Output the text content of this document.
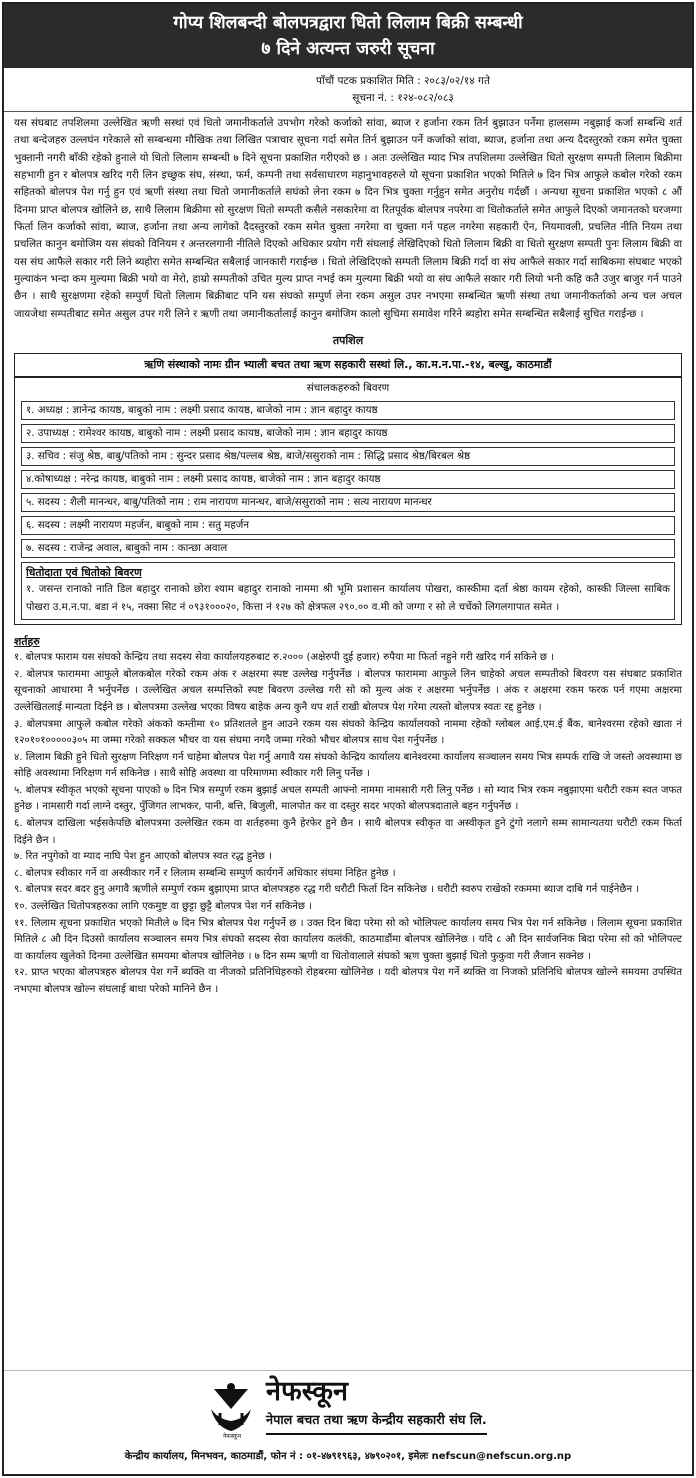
गोप्य शिलबन्दी बोलपत्रद्वारा धितो लिलाम बिक्री सम्बन्धी
७ दिने अत्यन्त जरुरी सूचना
पाँचौं पटक प्रकाशित मिति : २०८३/०२/१४ गते
सूचना नं. : १२४-०८२/०८३

यस संघबाट तपशिलमा उल्लेखित ऋणी सस्थां एवं धितो जमानीकर्ताले उपभोग गरेको कर्जाको सांवा, ब्याज र हर्जाना रकम तिर्न बुझाउन पर्नेमा हालसम्म नबुझाई कर्जा सम्बन्धि शर्त तथा बन्देजहरु उल्लघंन गरेकाले सो सम्बन्धमा मौखिक तथा लिखित पत्राचार सूचना गर्दा समेत तिर्न बुझाउन पर्ने कर्जाको सांवा, ब्याज, हर्जाना तथा अन्य दैदस्तुरको रकम समेत चुक्ता भुक्तानी नगरी बाँकी रहेको हुनाले यो धितो लिलाम सम्बन्धी ७ दिने सूचना प्रकाशित गरीएको छ । अतः उल्लेखित म्याद भित्र तपशिलमा उल्लेखित धितो सुरक्षण सम्पती लिलाम बिक्रीमा सहभागी हुन र बोलपत्र खरिद गरी लिन इच्छुक संघ, संस्था, फर्म, कम्पनी तथा सर्वसाधारण महानुभावहरुले यो सूचना प्रकाशित भएको मितिले ७ दिन भित्र आफुले कबोल गरेको रकम सहितको बोलपत्र पेश गर्नु हुन एवं ऋणी संस्था तथा धितो जमानीकर्ताले सघंको लेना रकम ७ दिन भित्र चुक्ता गर्नुहुन समेत अनुरोध गर्दछौं । अन्यथा सूचना प्रकाशित भएको ८ औं दिनमा प्राप्त बोलपत्र खोलिने छ, साथै लिलाम बिक्रीमा सो सुरक्षण धितो सम्पती कसैले नसकारेमा वा रितपूर्वक बोलपत्र नपरेमा वा धितोकर्ताले समेत आफुले दिएको जमानतको घरजग्गा फिर्ता लिन कर्जाको सांवा, ब्याज, हर्जाना तथा अन्य लागेको दैदस्तुरको रकम समेत चुक्ता नगरेमा वा चुक्ता गर्न पहल नगरेमा सहकारी ऐन, नियमावली, प्रचलित नीति नियम तथा प्रचलित कानुन बमोजिम यस संघको विनियम र अन्तरलगानी नीतिले दिएको अधिकार प्रयोग गरी संघलाई लेखिदिएको धितो लिलाम बिक्री वा धितो सुरक्षण सम्पती पुनः लिलाम बिक्री वा यस संघ आफैले सकार गरी लिने ब्यहोरा समेत सम्बन्धित सबैलाई जानकारी गराईन्छ । धितो लेखिदिएको सम्पती लिलाम बिक्री गर्दा वा संघ आफैले सकार गर्दा साबिकमा संघबाट भएको मुल्याकंन भन्दा कम मुल्यमा बिक्री भयो वा मेरो, हाम्रो सम्पतीको उचित मुल्य प्राप्त नभई कम मुल्यमा बिक्री भयो वा संघ आफैले सकार गरी लियो भनी कहि कतै उजुर बाजुर गर्न पाउने छैन । साथै सुरक्षणमा रहेको सम्पुर्ण धितो लिलाम बिक्रीबाट पनि यस संघको सम्पुर्ण लेना रकम असुल उपर नभएमा सम्बन्धित ऋणी संस्था तथा जमानीकर्ताको अन्य चल अचल जायजेथा सम्पतीबाट समेत असुल उपर गरी लिने र ऋणी तथा जमानीकर्तालाई कानुन बमोजिम कालो सुचिमा समावेश गरिने ब्यहोरा समेत सम्बन्धित सबैलाई सुचित गराईन्छ ।

तपशिल
ऋणि संस्थाको नामः ग्रीन भ्याली बचत तथा ऋण सहकारी सस्थां लि., का.म.न.पा.-१४, बल्खु, काठमाडौं
संचालकहरुको बिवरण
१. अध्यक्ष : ज्ञानेन्द्र कायष्ठ, बाबुको नाम : लक्ष्मी प्रसाद कायष्ठ, बाजेको नाम : ज्ञान बहादुर कायष्ठ
२. उपाध्यक्ष : रामेश्वर कायष्ठ, बाबुको नाम : लक्ष्मी प्रसाद कायष्ठ, बाजेको नाम : ज्ञान बहादुर कायष्ठ
३. सचिव : संजु श्रेष्ठ, बाबु/पतिको नाम : सुन्दर प्रसाद श्रेष्ठ/पल्लब श्रेष्ठ, बाजे/ससुराको नाम : सिद्धि प्रसाद श्रेष्ठ/बिरबल श्रेष्ठ
४.कोषाध्यक्ष : नरेन्द्र कायष्ठ, बाबुको नाम : लक्ष्मी प्रसाद कायष्ठ, बाजेको नाम : ज्ञान बहादुर कायष्ठ
५. सदस्य : शैली मानन्धर, बाबु/पतिको नाम : राम नारायण मानन्धर, बाजे/ससुराको नाम : सत्य नारायण मानन्धर
६. सदस्य : लक्ष्मी नारायण महर्जन, बाबुको नाम : सतु महर्जन
७. सदस्य : राजेन्द्र अवाल, बाबुको नाम : कान्छा अवाल
धितोदाता एवं धितोको बिवरण
१. जसन्त रानाको नाति डिल बहादुर रानाको छोरा श्याम बहादुर रानाको नाममा श्री भूमि प्रशासन कार्यालय पोखरा, कास्कीमा दर्ता श्रेष्ठा कायम रहेको, कास्की जिल्ला साबिक पोखरा उ.म.न.पा. बडा नं १५, नक्सा सिट नं ०९३१०००२०, कित्ता नं १२७ को क्षेत्रफल २९०.०० व.मी को जग्गा र सो ले चर्चेको लिगलगापात समेत ।
शर्तहरु

१. बोलपत्र फाराम यस संघको केन्द्रिय तथा सदस्य सेवा कार्यालयहरुबाट रु.२००० (अक्षेरुपी दुई हजार) रुपैया मा फिर्ता नहुने गरी खरिद गर्न सकिने छ ।

२. बोलपत्र फाराममा आफुले बोलकबोल गरेको रकम अंक र अक्षरमा स्पष्ट उल्लेख गर्नुपर्नेछ । बोलपत्र फाराममा आफुले लिन चाहेको अचल सम्पतीको बिवरण यस संघबाट प्रकाशित सूचनाको आधारमा नै भर्नुपर्नेछ । उल्लेखित अचल सम्पत्तिको स्पष्ट बिवरण उल्लेख गरी सो को मुल्य अंक र अक्षरमा भर्नुपर्नेछ । अंक र अक्षरमा रकम फरक पर्न गएमा अक्षरमा उल्लेखितलाई मान्यता दिईने छ । बोलपत्रमा उल्लेख भएका विषय बाहेक अन्य कुनै थप शर्त राखी बोलपत्र पेश गरेमा त्यस्तो बोलपत्र स्वतः रद्द हुनेछ ।

३. बोलपत्रमा आफुले कबोल गरेको अंकको कम्तीमा १० प्रतिशतले हुन आउने रकम यस संघको केन्द्रिय कार्यालयको नाममा रहेको ग्लोबल आई.एम.ई बैंक, बानेश्वरमा रहेको खाता नं १२०१०१०००००३०५ मा जम्मा गरेको सक्कल भौचर वा यस संघमा नगदै जम्मा गरेको भौचर बोलपत्र साथ पेश गर्नुपर्नेछ ।

४. लिलाम बिक्री हुने धितो सुरक्षण निरिक्षण गर्न चाहेमा बोलपत्र पेश गर्नु अगावै यस संघको केन्द्रिय कार्यालय बानेश्वरमा कार्यालय सञ्चालन समय भित्र सम्पर्क राखि जे जस्तो अवस्थामा छ सोहि अवस्थामा निरिक्षण गर्न सकिनेछ । साथै सोहि अवस्था वा परिमाणमा स्वीकार गरी लिनु पर्नेछ ।

५. बोलपत्र स्वीकृत भएको सूचना पाएको ७ दिन भित्र सम्पुर्ण रकम बुझाई अचल सम्पती आफ्नो नाममा नामसारी गरी लिनु पर्नेछ । सो म्याद भित्र रकम नबुझाएमा धरौटी रकम स्वत जफत हुनेछ । नामसारी गर्दा लाग्ने दस्तुर, पुँजिगत लाभकर, पानी, बत्ति, बिजुली, मालपोत कर वा दस्तुर सदर भएको बोलपत्रदाताले बहन गर्नुपर्नेछ ।

६. बोलपत्र दाखिला भईसकेपछि बोलपत्रमा उल्लेखित रकम वा शर्तहरुमा कुनै हेरफेर हुने छैन । साथै बोलपत्र स्वीकृत वा अस्वीकृत हुने टुंगो नलागे सम्म सामान्यतया धरौटी रकम फिर्ता दिईने छैन ।

७. रित नपुगेको वा म्याद नाघि पेश हुन आएको बोलपत्र स्वत रद्ध हुनेछ ।

८. बोलपत्र स्वीकार गर्ने वा अस्वीकार गर्ने र लिलाम सम्बन्धि सम्पुर्ण कार्यगर्ने अधिकार संघमा निहित हुनेछ ।

९. बोलपत्र सदर बदर हुनु अगावै ऋणीले सम्पुर्ण रकम बुझाएमा प्राप्त बोलपत्रहरु रद्ध गरी धरौटी फिर्ता दिन सकिनेछ । धरौटी स्वरुप राखेको रकममा ब्याज दाबि गर्न पाईनेछैन ।

१०. उल्लेखित धितोपत्रहरुका लागि एकमुष्ट वा छुट्टा छुट्टै बोलपत्र पेश गर्न सकिनेछ ।

११. लिलाम सूचना प्रकाशित भएको मितीले ७ दिन भित्र बोलपत्र पेश गर्नुपर्ने छ । उक्त दिन बिदा परेमा सो को भोलिपल्ट कार्यालय समय भित्र पेश गर्न सकिनेछ । लिलाम सूचना प्रकाशित मितिले ८ औ दिन दिउसो कार्यालय सञ्चालन समय भित्र संघको सदस्य सेवा कार्यालय कलंकी, काठमाडौंमा बोलपत्र खोलिनेछ । यदि ८ औ दिन सार्वजनिक बिदा परेमा सो को भोलिपल्ट वा कार्यालय खुलेको दिनमा उल्लेखित समयमा बोलपत्र खोलिनेछ । ७ दिन सम्म ऋणी वा धितोवालाले संघको ऋण चुक्ता बुझाई धितो फुकुवा गरी लैजान सक्नेछ ।

१२. प्राप्त भएका बोलपत्रहरु बोलपत्र पेश गर्ने ब्यक्ति वा नीजको प्रतिनिधिहरुको रोहबरमा खोलिनेछ । यदी बोलपत्र पेश गर्ने ब्यक्ति वा निजको प्रतिनिधि बोलपत्र खोल्ने समयमा उपस्थित नभएमा बोलपत्र खोल्न संघलाई बाधा परेको मानिने छैन ।

नेफस्कून
नेफस्कून
नेपाल बचत तथा ऋण केन्द्रीय सहकारी संघ लि.
केन्द्रीय कार्यालय, मिनभवन, काठमाडौं, फोन नं : ०१-४७९१९६३, ४७९०२०१, इमेलः nefscun@nefscun.org.np
